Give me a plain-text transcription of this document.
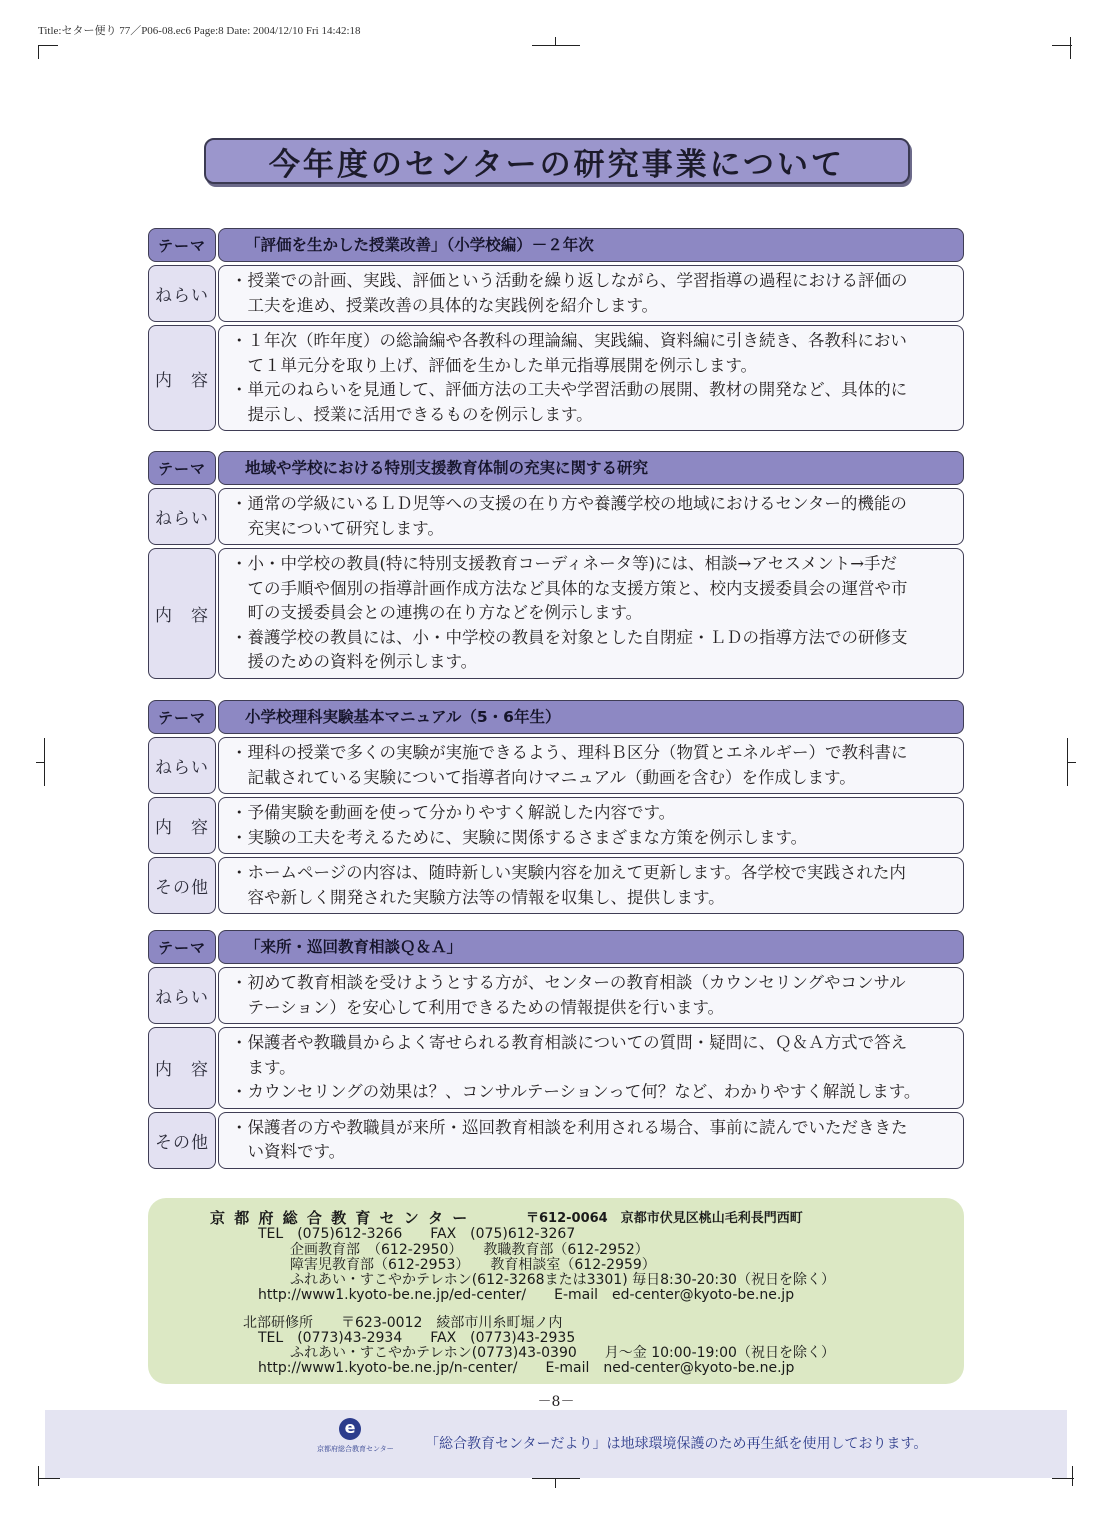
Title:セター便り 77／P06-08.ec6 Page:8 Date: 2004/12/10 Fri 14:42:18
今年度のセンターの研究事業について
テーマ	「評価を生かした授業改善」（小学校編）－２年次
ねらい
・授業での計画、実践、評価という活動を繰り返しながら、学習指導の過程における評価の
　工夫を進め、授業改善の具体的な実践例を紹介します。
内　容
・１年次（昨年度）の総論編や各教科の理論編、実践編、資料編に引き続き、各教科におい
　て１単元分を取り上げ、評価を生かした単元指導展開を例示します。
・単元のねらいを見通して、評価方法の工夫や学習活動の展開、教材の開発など、具体的に
　提示し、授業に活用できるものを例示します。
テーマ	地域や学校における特別支援教育体制の充実に関する研究
ねらい
・通常の学級にいるＬＤ児等への支援の在り方や養護学校の地域におけるセンター的機能の
　充実について研究します。
内　容
・小・中学校の教員(特に特別支援教育コーディネータ等)には、相談→アセスメント→手だ
　ての手順や個別の指導計画作成方法など具体的な支援方策と、校内支援委員会の運営や市
　町の支援委員会との連携の在り方などを例示します。
・養護学校の教員には、小・中学校の教員を対象とした自閉症・ＬＤの指導方法での研修支
　援のための資料を例示します。
テーマ	小学校理科実験基本マニュアル（5・6年生）
ねらい
・理科の授業で多くの実験が実施できるよう、理科Ｂ区分（物質とエネルギー）で教科書に
　記載されている実験について指導者向けマニュアル（動画を含む）を作成します。
内　容
・予備実験を動画を使って分かりやすく解説した内容です。
・実験の工夫を考えるために、実験に関係するさまざまな方策を例示します。
その他
・ホームページの内容は、随時新しい実験内容を加えて更新します。各学校で実践された内
　容や新しく開発された実験方法等の情報を収集し、提供します。
テーマ	「来所・巡回教育相談Ｑ＆Ａ」
ねらい
・初めて教育相談を受けようとする方が、センターの教育相談（カウンセリングやコンサル
　テーション）を安心して利用できるための情報提供を行います。
内　容
・保護者や教職員からよく寄せられる教育相談についての質問・疑問に、Ｑ＆Ａ方式で答え
　ます。
・カウンセリングの効果は？、コンサルテーションって何？など、わかりやすく解説します。
その他
・保護者の方や教職員が来所・巡回教育相談を利用される場合、事前に読んでいただききた
　い資料です。
京 都 府 総 合 教 育 セ ン タ ー	〒612-0064　京都市伏見区桃山毛利長門西町
TEL　(075)612-3266　　FAX　(075)612-3267
企画教育部　（612-2950）　　教職教育部（612-2952）
障害児教育部（612-2953）　　教育相談室（612-2959）
ふれあい・すこやかテレホン(612-3268または3301) 毎日8:30-20:30（祝日を除く）
http://www1.kyoto-be.ne.jp/ed-center/　　E-mail　ed-center@kyoto-be.ne.jp
北部研修所　　〒623-0012　綾部市川糸町堀ノ内
TEL　(0773)43-2934　　FAX　(0773)43-2935
ふれあい・すこやかテレホン(0773)43-0390　　月～金 10:00-19:00（祝日を除く）
http://www1.kyoto-be.ne.jp/n-center/　　E-mail　ned-center@kyoto-be.ne.jp
－8－
e
京都府総合教育センター 「総合教育センターだより」は地球環境保護のため再生紙を使用しております。
